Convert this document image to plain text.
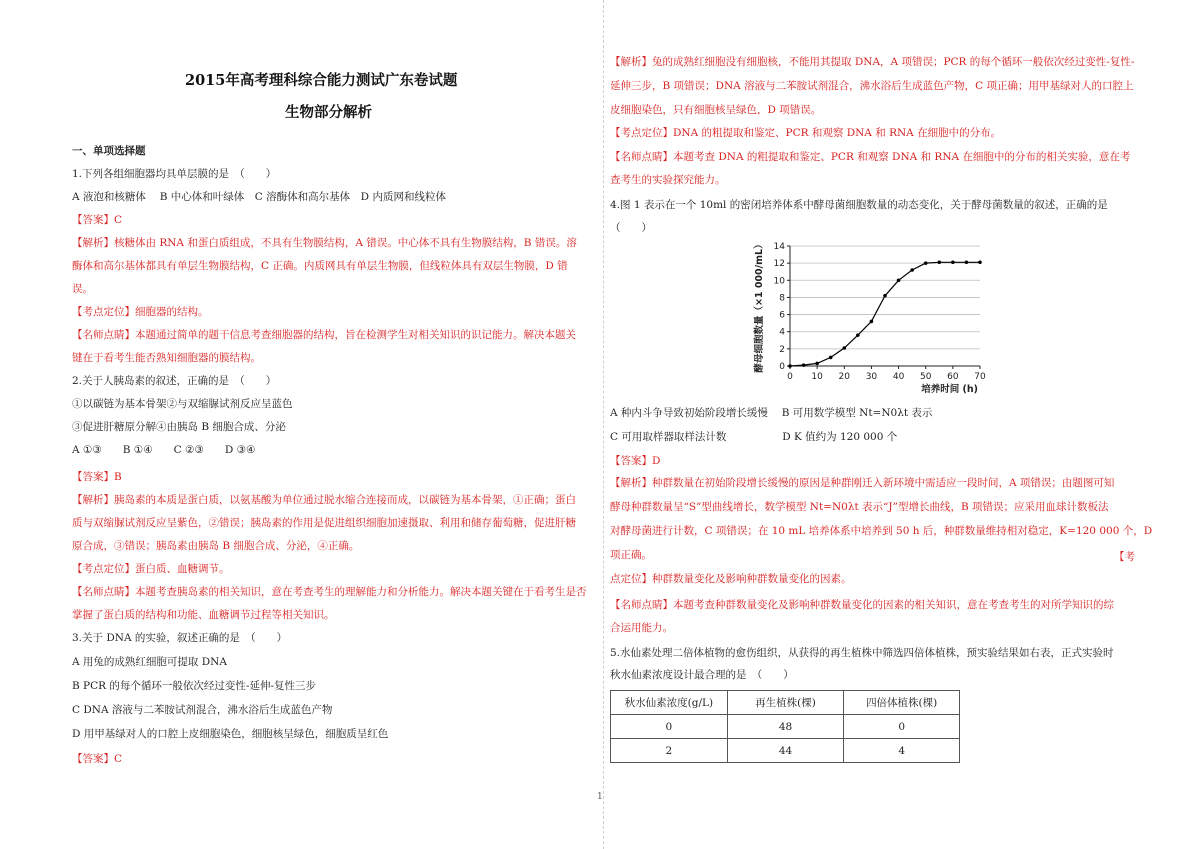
2015年高考理科综合能力测试广东卷试题
生物部分解析
一、单项选择题
1.下列各组细胞器均具单层膜的是　（　　）
A 液泡和核糖体　 B 中心体和叶绿体　C 溶酶体和高尔基体　D 内质网和线粒体
【答案】C
【解析】核糖体由 RNA 和蛋白质组成，不具有生物膜结构，A 错误。中心体不具有生物膜结构，B 错误。溶
酶体和高尔基体都具有单层生物膜结构，C 正确。内质网具有单层生物膜，但线粒体具有双层生物膜，D 错
误。
【考点定位】细胞器的结构。
【名师点睛】本题通过简单的题干信息考查细胞器的结构，旨在检测学生对相关知识的识记能力。解决本题关
键在于看考生能否熟知细胞器的膜结构。
2.关于人胰岛素的叙述，正确的是　（　　）
①以碳链为基本骨架②与双缩脲试剂反应呈蓝色
③促进肝糖原分解④由胰岛 B 细胞合成、分泌
A ①③　　B ①④　　C ②③　　D ③④
【答案】B
【解析】胰岛素的本质是蛋白质，以氨基酸为单位通过脱水缩合连接而成，以碳链为基本骨架，①正确；蛋白
质与双缩脲试剂反应呈紫色，②错误；胰岛素的作用是促进组织细胞加速摄取、利用和储存葡萄糖，促进肝糖
原合成，③错误；胰岛素由胰岛 B 细胞合成、分泌，④正确。
【考点定位】蛋白质、血糖调节。
【名师点睛】本题考查胰岛素的相关知识，意在考查考生的理解能力和分析能力。解决本题关键在于看考生是否
掌握了蛋白质的结构和功能、血糖调节过程等相关知识。
3.关于 DNA 的实验，叙述正确的是　（　　）
A 用兔的成熟红细胞可提取 DNA
B PCR 的每个循环一般依次经过变性-延伸-复性三步
C DNA 溶液与二苯胺试剂混合，沸水浴后生成蓝色产物
D 用甲基绿对人的口腔上皮细胞染色，细胞核呈绿色，细胞质呈红色
【答案】C
【解析】兔的成熟红细胞没有细胞核，不能用其提取 DNA，A 项错误；PCR 的每个循环一般依次经过变性-复性-
延伸三步，B 项错误；DNA 溶液与二苯胺试剂混合，沸水浴后生成蓝色产物，C 项正确；用甲基绿对人的口腔上
皮细胞染色，只有细胞核呈绿色，D 项错误。
【考点定位】DNA 的粗提取和鉴定、PCR 和观察 DNA 和 RNA 在细胞中的分布。
【名师点睛】本题考查 DNA 的粗提取和鉴定、PCR 和观察 DNA 和 RNA 在细胞中的分布的相关实验，意在考
查考生的实验探究能力。
4.图 1 表示在一个 10ml 的密闭培养体系中酵母菌细胞数量的动态变化，关于酵母菌数量的叙述，正确的是
（　　）
0
2
4
6
8
10
12
14
0 10 20 30 40 50 60 70
培养时间 (h)
酵母细胞数量（×1 000/mL）
A 种内斗争导致初始阶段增长缓慢　 B 可用数学模型 Nt=N0λt 表示
C 可用取样器取样法计数　　　　　 D K 值约为 120 000 个
【答案】D
【解析】种群数量在初始阶段增长缓慢的原因是种群刚迁入新环境中需适应一段时间，A 项错误；由题图可知
酵母种群数量呈“S”型曲线增长，数学模型 Nt=N0λt 表示“J”型增长曲线，B 项错误；应采用血球计数板法
对酵母菌进行计数，C 项错误；在 10 mL 培养体系中培养到 50 h 后，种群数量维持相对稳定，K=120 000 个，D
项正确。	【考
点定位】种群数量变化及影响种群数量变化的因素。
【名师点睛】本题考查种群数量变化及影响种群数量变化的因素的相关知识，意在考查考生的对所学知识的综
合运用能力。
5.水仙素处理二倍体植物的愈伤组织，从获得的再生植株中筛选四倍体植株，预实验结果如右表，正式实验时
秋水仙素浓度设计最合理的是　（　　）
秋水仙素浓度(g/L)	再生植株(棵)	四倍体植株(棵)
0	48	0
2	44	4
1
